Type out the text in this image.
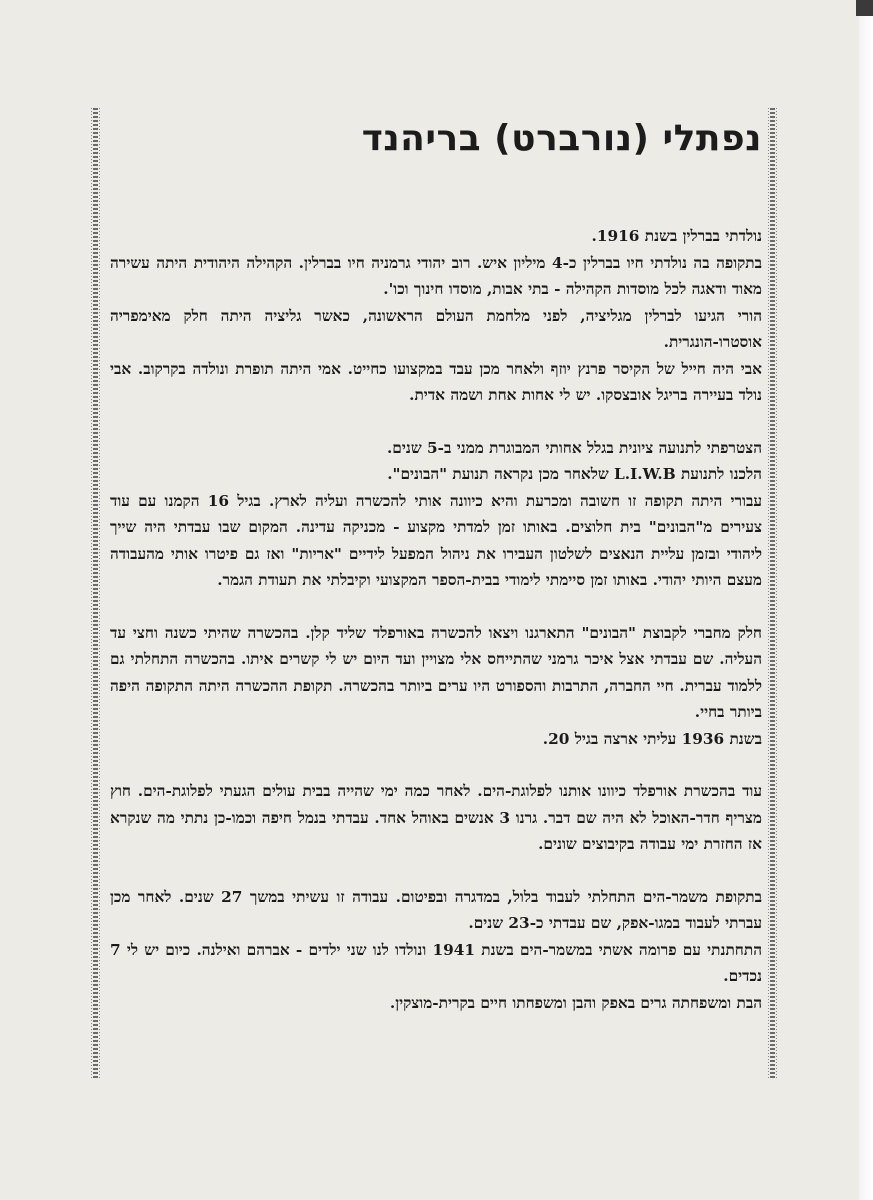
נפתלי (נורברט) בריהנד

נולדתי בברלין בשנת 1916.

בתקופה בה נולדתי חיו בברלין כ-4 מיליון איש. רוב יהודי גרמניה חיו בברלין. הקהילה היהודית היתה עשירה מאוד ודאגה לכל מוסדות הקהילה - בתי אבות, מוסדו חינוך וכו'.

הורי הגיעו לברלין מגליציה, לפני מלחמת העולם הראשונה, כאשר גליציה היתה חלק מאימפריה אוסטרו-הונגרית.

אבי היה חייל של הקיסר פרנץ יוזף ולאחר מכן עבד במקצועו כחייט. אמי היתה תופרת ונולדה בקרקוב. אבי נולד בעיירה בריגל אובצסקו. יש לי אחות אחת ושמה אדית.

הצטרפתי לתנועה ציונית בגלל אחותי המבוגרת ממני ב-5 שנים.

הלכנו לתנועת L.I.W.B שלאחר מכן נקראה תנועת "הבונים".

עבורי היתה תקופה זו חשובה ומכרעת והיא כיוונה אותי להכשרה ועליה לארץ. בגיל 16 הקמנו עם עוד צעירים מ"הבונים" בית חלוצים. באותו זמן למדתי מקצוע - מכניקה עדינה. המקום שבו עבדתי היה שייך ליהודי ובזמן עליית הנאצים לשלטון העבירו את ניהול המפעל לידיים "אריות" ואז גם פיטרו אותי מהעבודה מעצם היותי יהודי. באותו זמן סיימתי לימודי בבית-הספר המקצועי וקיבלתי את תעודת הגמר.

חלק מחברי לקבוצת "הבונים" התארגנו ויצאו להכשרה באורפלד שליד קלן. בהכשרה שהיתי כשנה וחצי עד העליה. שם עבדתי אצל איכר גרמני שהתייחס אלי מצויין ועד היום יש לי קשרים איתו. בהכשרה התחלתי גם ללמוד עברית. חיי החברה, התרבות והספורט היו ערים ביותר בהכשרה. תקופת ההכשרה היתה התקופה היפה ביותר בחיי.

בשנת 1936 עליתי ארצה בגיל 20.

עוד בהכשרת אורפלד כיוונו אותנו לפלוגת-הים. לאחר כמה ימי שהייה בבית עולים הגעתי לפלוגת-הים. חוץ מצריף חדר-האוכל לא היה שם דבר. גרנו 3 אנשים באוהל אחד. עבדתי בנמל חיפה וכמו-כן נתתי מה שנקרא אז החזרת ימי עבודה בקיבוצים שונים.

בתקופת משמר-הים התחלתי לעבוד בלול, במדגרה ובפיטום. עבודה זו עשיתי במשך 27 שנים. לאחר מכן עברתי לעבוד במגו-אפק, שם עבדתי כ-23 שנים.

התחתנתי עם פרומה אשתי במשמר-הים בשנת 1941 ונולדו לנו שני ילדים - אברהם ואילנה. כיום יש לי 7 נכדים.

הבת ומשפחתה גרים באפק והבן ומשפחתו חיים בקרית-מוצקין.
